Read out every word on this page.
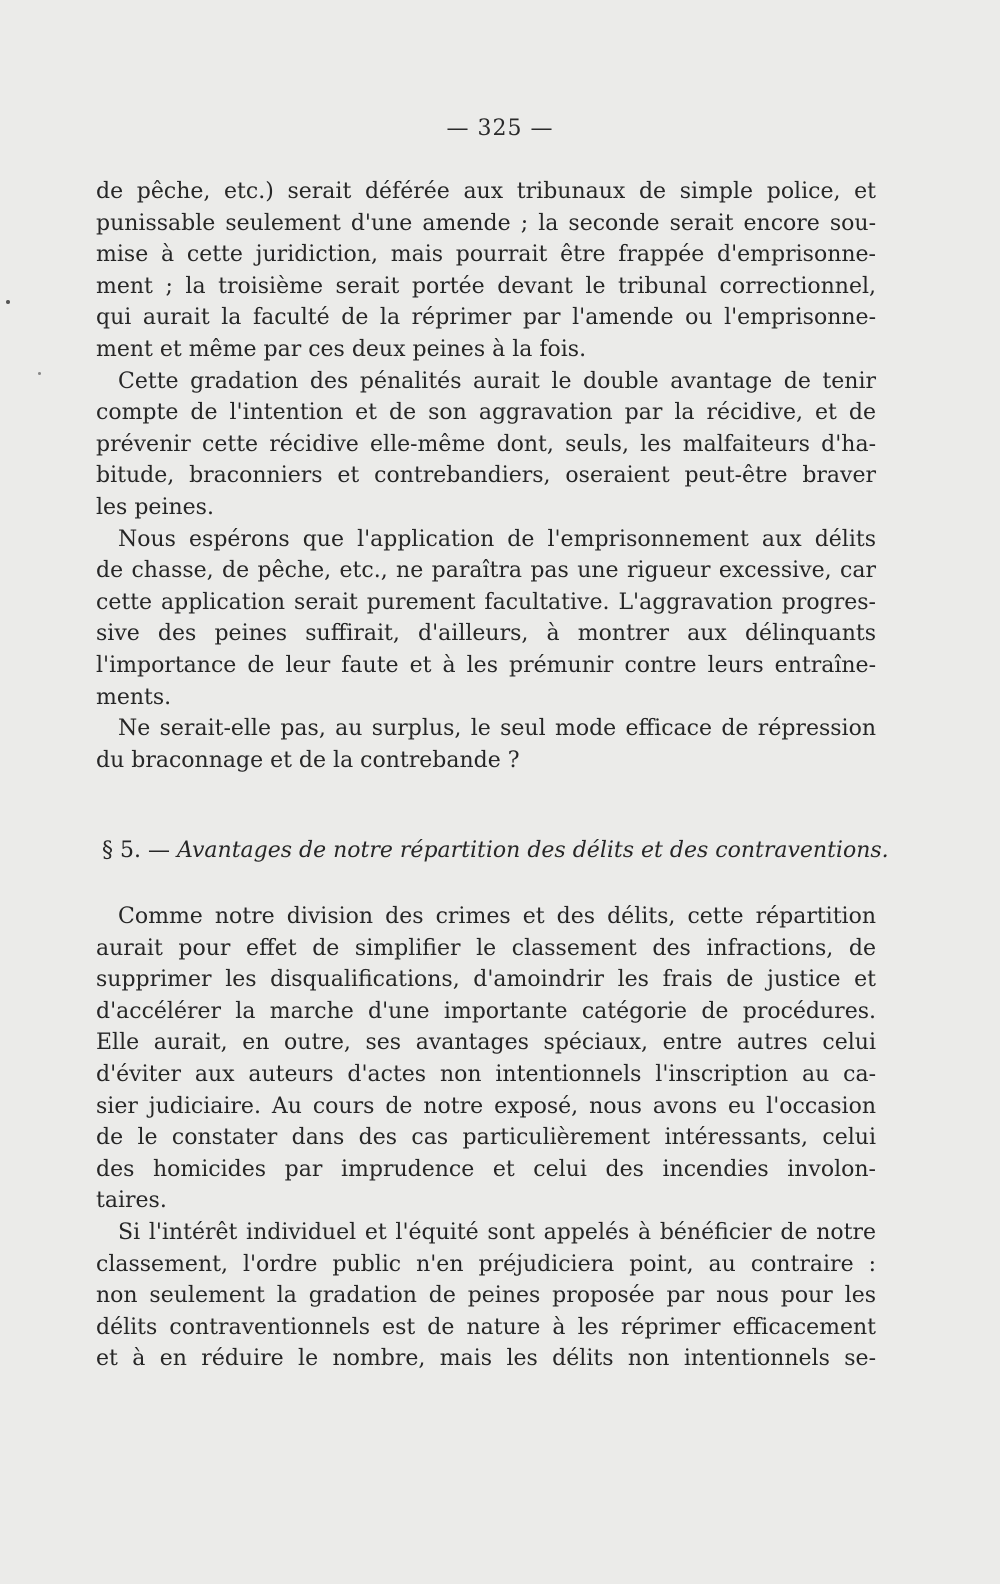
— 325 —
de pêche, etc.) serait déférée aux tribunaux de simple police, et
punissable seulement d'une amende ; la seconde serait encore sou-
mise à cette juridiction, mais pourrait être frappée d'emprisonne-
ment ; la troisième serait portée devant le tribunal correctionnel,
qui aurait la faculté de la réprimer par l'amende ou l'emprisonne-
ment et même par ces deux peines à la fois.
Cette gradation des pénalités aurait le double avantage de tenir
compte de l'intention et de son aggravation par la récidive, et de
prévenir cette récidive elle-même dont, seuls, les malfaiteurs d'ha-
bitude, braconniers et contrebandiers, oseraient peut-être braver
les peines.
Nous espérons que l'application de l'emprisonnement aux délits
de chasse, de pêche, etc., ne paraîtra pas une rigueur excessive, car
cette application serait purement facultative. L'aggravation progres-
sive des peines suffirait, d'ailleurs, à montrer aux délinquants
l'importance de leur faute et à les prémunir contre leurs entraîne-
ments.
Ne serait-elle pas, au surplus, le seul mode efficace de répression
du braconnage et de la contrebande ?
§ 5. — Avantages de notre répartition des délits et des contraventions.
Comme notre division des crimes et des délits, cette répartition
aurait pour effet de simplifier le classement des infractions, de
supprimer les disqualifications, d'amoindrir les frais de justice et
d'accélérer la marche d'une importante catégorie de procédures.
Elle aurait, en outre, ses avantages spéciaux, entre autres celui
d'éviter aux auteurs d'actes non intentionnels l'inscription au ca-
sier judiciaire. Au cours de notre exposé, nous avons eu l'occasion
de le constater dans des cas particulièrement intéressants, celui
des homicides par imprudence et celui des incendies involon-
taires.
Si l'intérêt individuel et l'équité sont appelés à bénéficier de notre
classement, l'ordre public n'en préjudiciera point, au contraire :
non seulement la gradation de peines proposée par nous pour les
délits contraventionnels est de nature à les réprimer efficacement
et à en réduire le nombre, mais les délits non intentionnels se-
